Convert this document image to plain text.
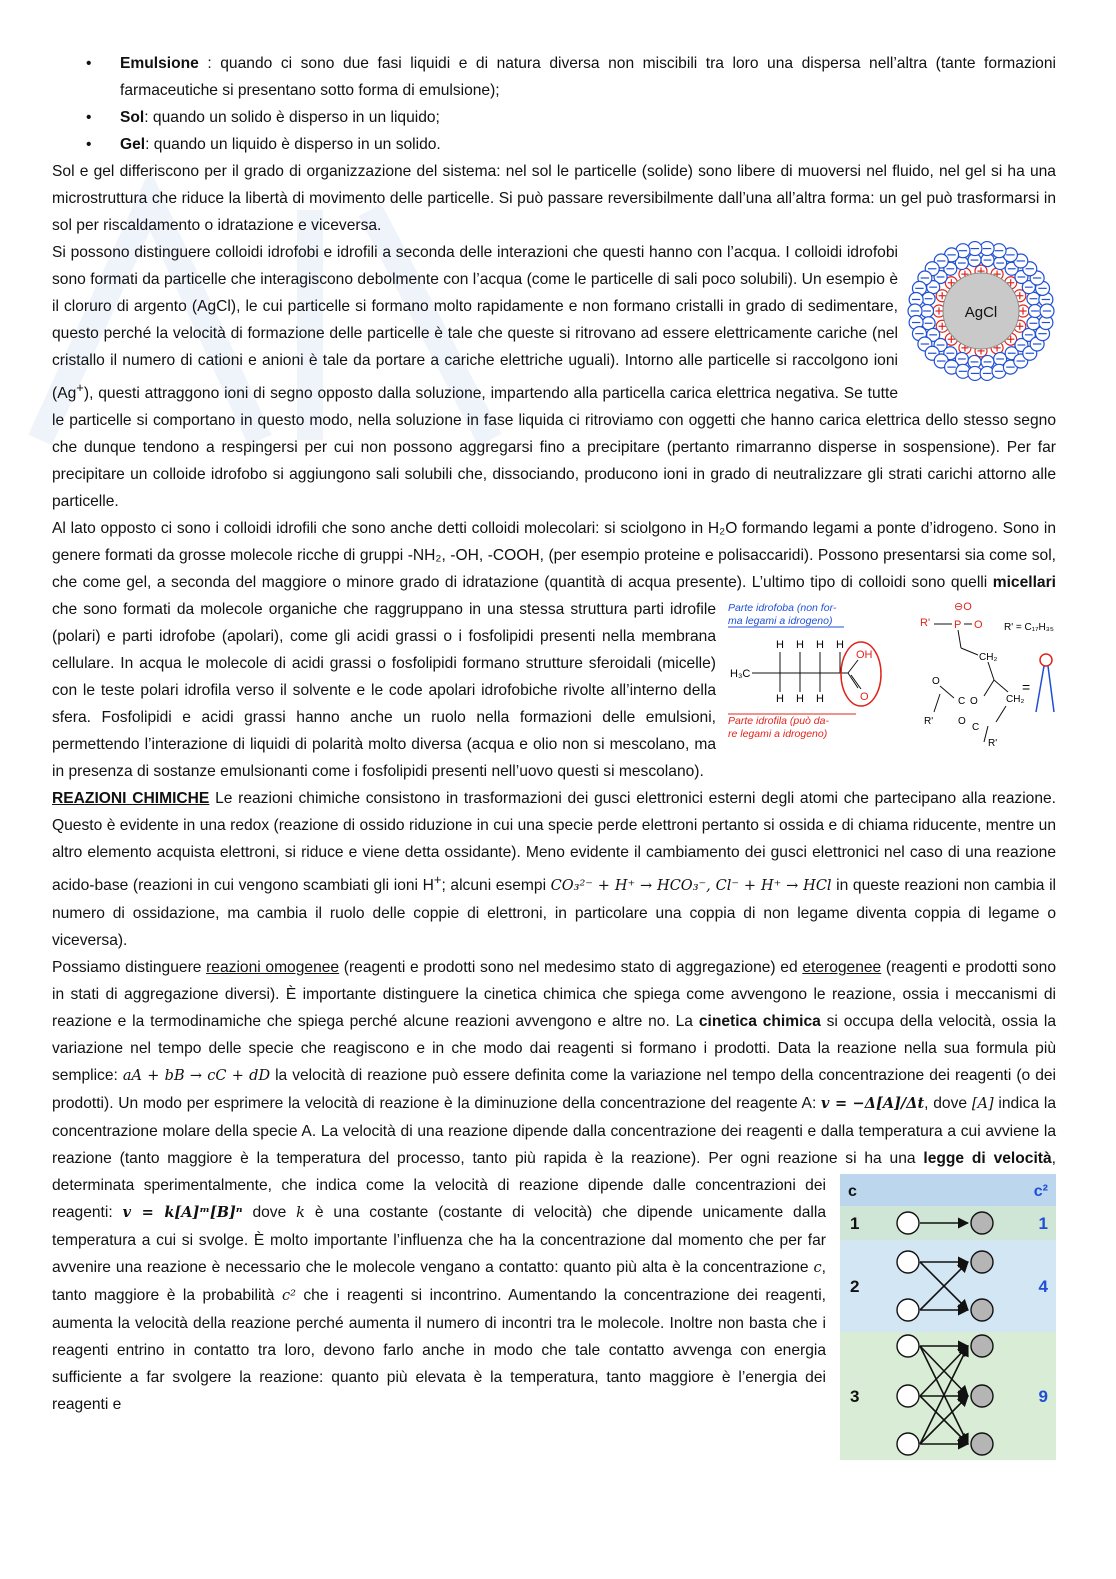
• Emulsione : quando ci sono due fasi liquidi e di natura diversa non miscibili tra loro una dispersa nell’altra (tante formazioni farmaceutiche si presentano sotto forma di emulsione);

• Sol: quando un solido è disperso in un liquido;

• Gel: quando un liquido è disperso in un solido.

Sol e gel differiscono per il grado di organizzazione del sistema: nel sol le particelle (solide) sono libere di muoversi nel fluido, nel gel si ha una microstruttura che riduce la libertà di movimento delle particelle. Si può passare reversibilmente dall’una all’altra forma: un gel può trasformarsi in sol per riscaldamento o idratazione e viceversa.

AgCl
Si possono distinguere colloidi idrofobi e idrofili a seconda delle interazioni che questi hanno con l’acqua. I colloidi idrofobi sono formati da particelle che interagiscono debolmente con l’acqua (come le particelle di sali poco solubili). Un esempio è il cloruro di argento (AgCl), le cui particelle si formano molto rapidamente e non formano cristalli in grado di sedimentare, questo perché la velocità di formazione delle particelle è tale che queste si ritrovano ad essere elettricamente cariche (nel cristallo il numero di cationi e anioni è tale da portare a cariche elettriche uguali). Intorno alle particelle si raccolgono ioni (Ag+), questi attraggono ioni di segno opposto dalla soluzione, impartendo alla particella carica elettrica negativa. Se tutte le particelle si comportano in questo modo, nella soluzione in fase liquida ci ritroviamo con oggetti che hanno carica elettrica dello stesso segno che dunque tendono a respingersi per cui non possono aggregarsi fino a precipitare (pertanto rimarranno disperse in sospensione). Per far precipitare un colloide idrofobo si aggiungono sali solubili che, dissociando, producono ioni in grado di neutralizzare gli strati carichi attorno alle particelle.

Al lato opposto ci sono i colloidi idrofili che sono anche detti colloidi molecolari: si sciolgono in H₂O formando legami a ponte d’idrogeno. Sono in genere formati da grosse molecole ricche di gruppi -NH₂, -OH, -COOH, (per esempio proteine e polisaccaridi). Possono presentarsi sia come sol, che come gel, a seconda del maggiore o minore grado di idratazione (quantità di acqua presente). L’ultimo tipo di colloidi sono quelli
Parte idrofoba (non for-
ma legami a idrogeno)
H₃C
H H H H
H H H
OH
O
Parte idrofila (può da-
re legami a idrogeno)
R'
⊖O
P O R' = C₁₇H₃₅
CH₂
C O	CH₂
O
R'
C
O
R'
=
micellari che sono formati da molecole organiche che raggruppano in una stessa struttura parti idrofile (polari) e parti idrofobe (apolari), come gli acidi grassi o i fosfolipidi presenti nella membrana cellulare. In acqua le molecole di acidi grassi o fosfolipidi formano strutture sferoidali (micelle) con le teste polari idrofila verso il solvente e le code apolari idrofobiche rivolte all’interno della sfera. Fosfolipidi e acidi grassi hanno anche un ruolo nella formazioni delle emulsioni, permettendo l’interazione di liquidi di polarità molto diversa (acqua e olio non si mescolano, ma in presenza di sostanze emulsionanti come i fosfolipidi presenti nell’uovo questi si mescolano).

REAZIONI CHIMICHE Le reazioni chimiche consistono in trasformazioni dei gusci elettronici esterni degli atomi che partecipano alla reazione. Questo è evidente in una redox (reazione di ossido riduzione in cui una specie perde elettroni pertanto si ossida e di chiama riducente, mentre un altro elemento acquista elettroni, si riduce e viene detta ossidante). Meno evidente il cambiamento dei gusci elettronici nel caso di una reazione acido-base (reazioni in cui vengono scambiati gli ioni H+; alcuni esempi CO₃²⁻ + H⁺ → HCO₃⁻, Cl⁻ + H⁺ → HCl in queste reazioni non cambia il numero di ossidazione, ma cambia il ruolo delle coppie di elettroni, in particolare una coppia di non legame diventa coppia di legame o viceversa).

Possiamo distinguere reazioni omogenee (reagenti e prodotti sono nel medesimo stato di aggregazione) ed eterogenee (reagenti e prodotti sono in stati di aggregazione diversi). È importante distinguere la cinetica chimica che spiega come avvengono le reazione, ossia i meccanismi di reazione e la termodinamiche che spiega perché alcune reazioni avvengono e altre no. La cinetica chimica si occupa della velocità, ossia la variazione nel tempo delle specie che reagiscono e in che modo dai reagenti si formano i prodotti. Data la reazione nella sua formula più semplice: aA + bB → cC + dD la velocità di reazione può essere definita come la variazione nel tempo della concentrazione dei reagenti (o dei prodotti). Un modo per esprimere la velocità di reazione è la diminuzione della concentrazione del reagente A: v = −Δ[A]/Δt, dove [A] indica la concentrazione molare della specie A. La velocità di una reazione dipende dalla concentrazione dei reagenti e dalla temperatura a cui avviene la reazione (tanto maggiore è la temperatura del processo, tanto più rapida è la reazione). Per ogni reazione si ha una
c	c²
1	1
2	4
3	9
legge di velocità, determinata sperimentalmente, che indica come la velocità di reazione dipende dalle concentrazioni dei reagenti: v = k[A]ᵐ[B]ⁿ dove k è una costante (costante di velocità) che dipende unicamente dalla temperatura a cui si svolge. È molto importante l’influenza che ha la concentrazione dal momento che per far avvenire una reazione è necessario che le molecole vengano a contatto: quanto più alta è la concentrazione c, tanto maggiore è la probabilità c² che i reagenti si incontrino. Aumentando la concentrazione dei reagenti, aumenta la velocità della reazione perché aumenta il numero di incontri tra le molecole. Inoltre non basta che i reagenti entrino in contatto tra loro, devono farlo anche in modo che tale contatto avvenga con energia sufficiente a far svolgere la reazione: quanto più elevata è la temperatura, tanto maggiore è l’energia dei reagenti e
